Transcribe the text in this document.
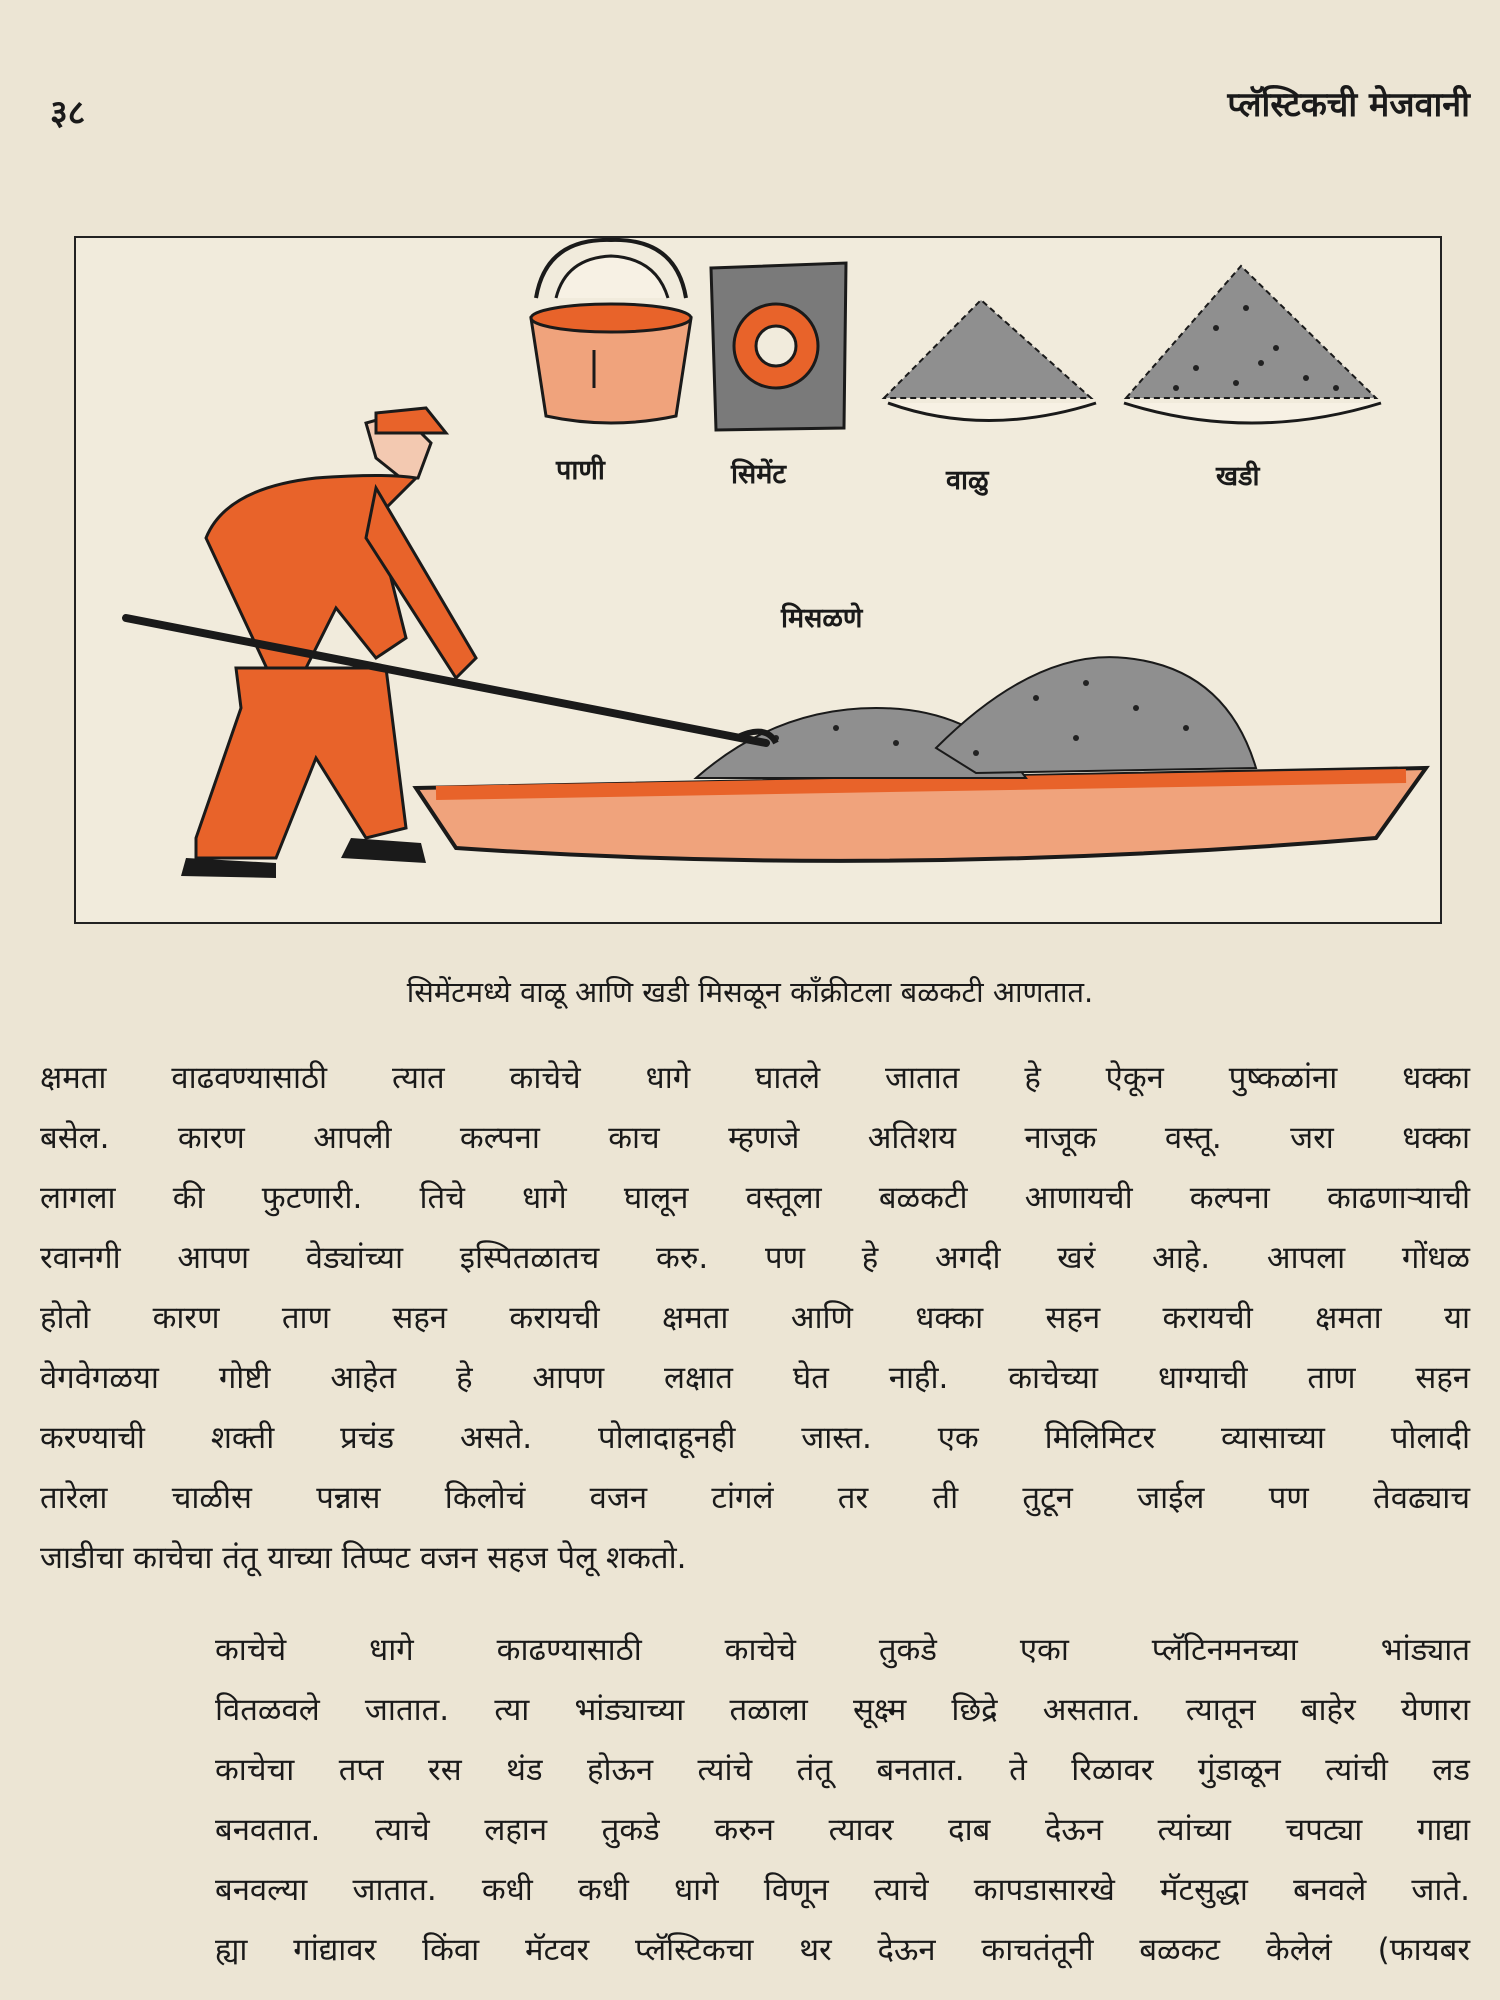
३८	प्लॅस्टिकची मेजवानी
पाणी	सिमेंट	वाळु	खडी
मिसळणे
सिमेंटमध्ये वाळू आणि खडी मिसळून कॉंक्रीटला बळकटी आणतात.
क्षमता वाढवण्यासाठी त्यात काचेचे धागे घातले जातात हे ऐकून पुष्कळांना धक्का
बसेल. कारण आपली कल्पना काच म्हणजे अतिशय नाजूक वस्तू. जरा धक्का
लागला की फुटणारी. तिचे धागे घालून वस्तूला बळकटी आणायची कल्पना काढणाऱ्याची
रवानगी आपण वेड्यांच्या इस्पितळातच करु. पण हे अगदी खरं आहे. आपला गोंधळ
होतो कारण ताण सहन करायची क्षमता आणि धक्का सहन करायची क्षमता या
वेगवेगळया गोष्टी आहेत हे आपण लक्षात घेत नाही. काचेच्या धाग्याची ताण सहन
करण्याची शक्ती प्रचंड असते. पोलादाहूनही जास्त. एक मिलिमिटर व्यासाच्या पोलादी
तारेला चाळीस पन्नास किलोचं वजन टांगलं तर ती तुटून जाईल पण तेवढ्याच
जाडीचा काचेचा तंतू याच्या तिप्पट वजन सहज पेलू शकतो.
काचेचे धागे काढण्यासाठी काचेचे तुकडे एका प्लॅटिनमनच्या भांड्यात
वितळवले जातात. त्या भांड्याच्या तळाला सूक्ष्म छिद्रे असतात. त्यातून बाहेर येणारा
काचेचा तप्त रस थंड होऊन त्यांचे तंतू बनतात. ते रिळावर गुंडाळून त्यांची लड
बनवतात. त्याचे लहान तुकडे करुन त्यावर दाब देऊन त्यांच्या चपट्या गाद्या
बनवल्या जातात. कधी कधी धागे विणून त्याचे कापडासारखे मॅटसुद्धा बनवले जाते.
ह्या गांद्यावर किंवा मॅटवर प्लॅस्टिकचा थर देऊन काचतंतूनी बळकट केलेलं (फायबर
